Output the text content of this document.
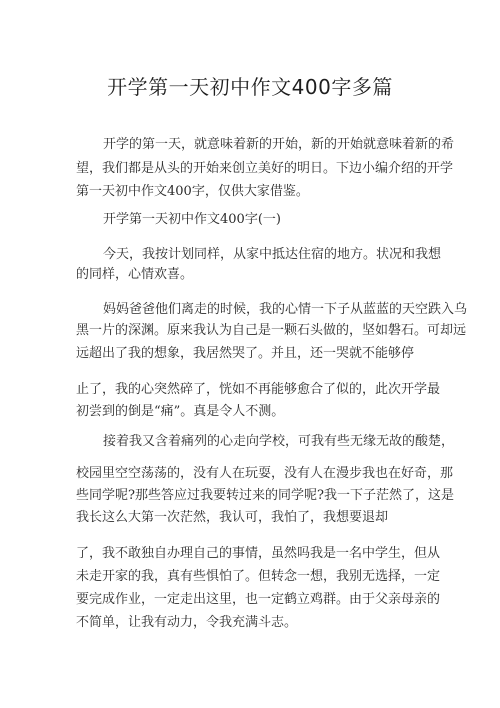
开学第一天初中作文400字多篇
开学的第一天，就意味着新的开始，新的开始就意味着新的希
望，我们都是从头的开始来创立美好的明日。下边小编介绍的开学
第一天初中作文400字，仅供大家借鉴。
开学第一天初中作文400字(一)
今天，我按计划同样，从家中抵达住宿的地方。状况和我想
的同样，心情欢喜。
妈妈爸爸他们离走的时候，我的心情一下子从蓝蓝的天空跌入乌
黑一片的深渊。原来我认为自己是一颗石头做的，坚如磐石。可却远
远超出了我的想象，我居然哭了。并且，还一哭就不能够停
止了，我的心突然碎了，恍如不再能够愈合了似的，此次开学最
初尝到的倒是“痛”。真是令人不测。
接着我又含着痛列的心走向学校，可我有些无缘无故的酸楚，
校园里空空荡荡的，没有人在玩耍，没有人在漫步我也在好奇，那
些同学呢?那些答应过我要转过来的同学呢?我一下子茫然了，这是
我长这么大第一次茫然，我认可，我怕了，我想要退却
了，我不敢独自办理自己的事情，虽然吗我是一名中学生，但从
未走开家的我，真有些惧怕了。但转念一想，我别无选择，一定
要完成作业，一定走出这里，也一定鹤立鸡群。由于父亲母亲的
不简单，让我有动力，令我充满斗志。
